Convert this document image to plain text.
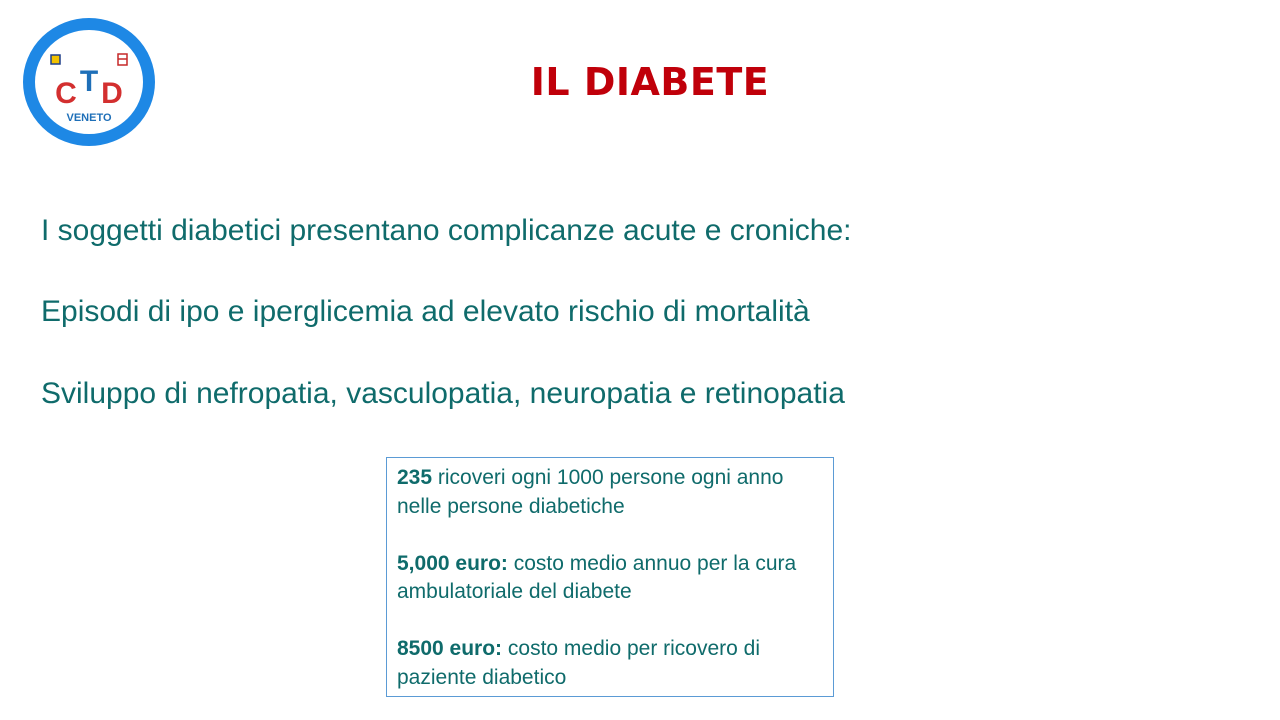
C T D
VENETO
IL DIABETE
I soggetti diabetici presentano complicanze acute e croniche:
Episodi di ipo e iperglicemia ad elevato rischio di mortalità
Sviluppo di nefropatia, vasculopatia, neuropatia e retinopatia

235 ricoveri ogni 1000 persone ogni anno nelle persone diabetiche

5,000 euro: costo medio annuo per la cura ambulatoriale del diabete

8500 euro: costo medio per ricovero di paziente diabetico
